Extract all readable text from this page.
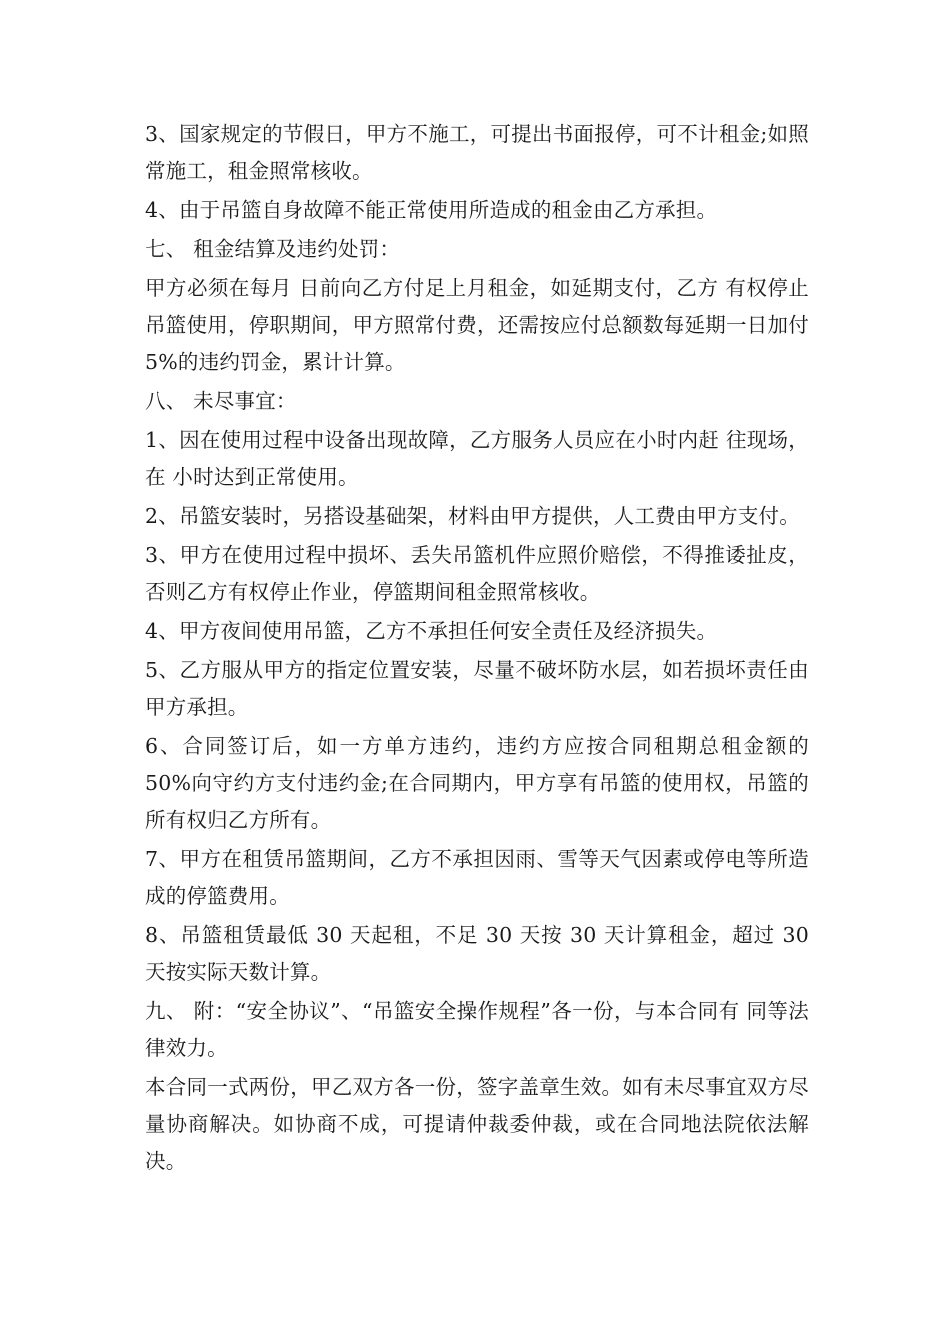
3、国家规定的节假日，甲方不施工，可提出书面报停，可不计租金;如照常施工，租金照常核收。

4、由于吊篮自身故障不能正常使用所造成的租金由乙方承担。

七、 租金结算及违约处罚：

甲方必须在每月 日前向乙方付足上月租金，如延期支付，乙方 有权停止吊篮使用，停职期间，甲方照常付费，还需按应付总额数每延期一日加付 5%的违约罚金，累计计算。

八、 未尽事宜：

1、因在使用过程中设备出现故障，乙方服务人员应在小时内赶 往现场，在 小时达到正常使用。

2、吊篮安装时，另搭设基础架，材料由甲方提供，人工费由甲方支付。

3、甲方在使用过程中损坏、丢失吊篮机件应照价赔偿，不得推诿扯皮，否则乙方有权停止作业，停篮期间租金照常核收。

4、甲方夜间使用吊篮，乙方不承担任何安全责任及经济损失。

5、乙方服从甲方的指定位置安装，尽量不破坏防水层，如若损坏责任由甲方承担。

6、合同签订后，如一方单方违约，违约方应按合同租期总租金额的 50%向守约方支付违约金;在合同期内，甲方享有吊篮的使用权，吊篮的所有权归乙方所有。

7、甲方在租赁吊篮期间，乙方不承担因雨、雪等天气因素或停电等所造成的停篮费用。

8、吊篮租赁最低 30 天起租，不足 30 天按 30 天计算租金，超过 30 天按实际天数计算。

九、 附：“安全协议”、“吊篮安全操作规程”各一份，与本合同有 同等法律效力。

本合同一式两份，甲乙双方各一份，签字盖章生效。如有未尽事宜双方尽量协商解决。如协商不成，可提请仲裁委仲裁，或在合同地法院依法解决。
